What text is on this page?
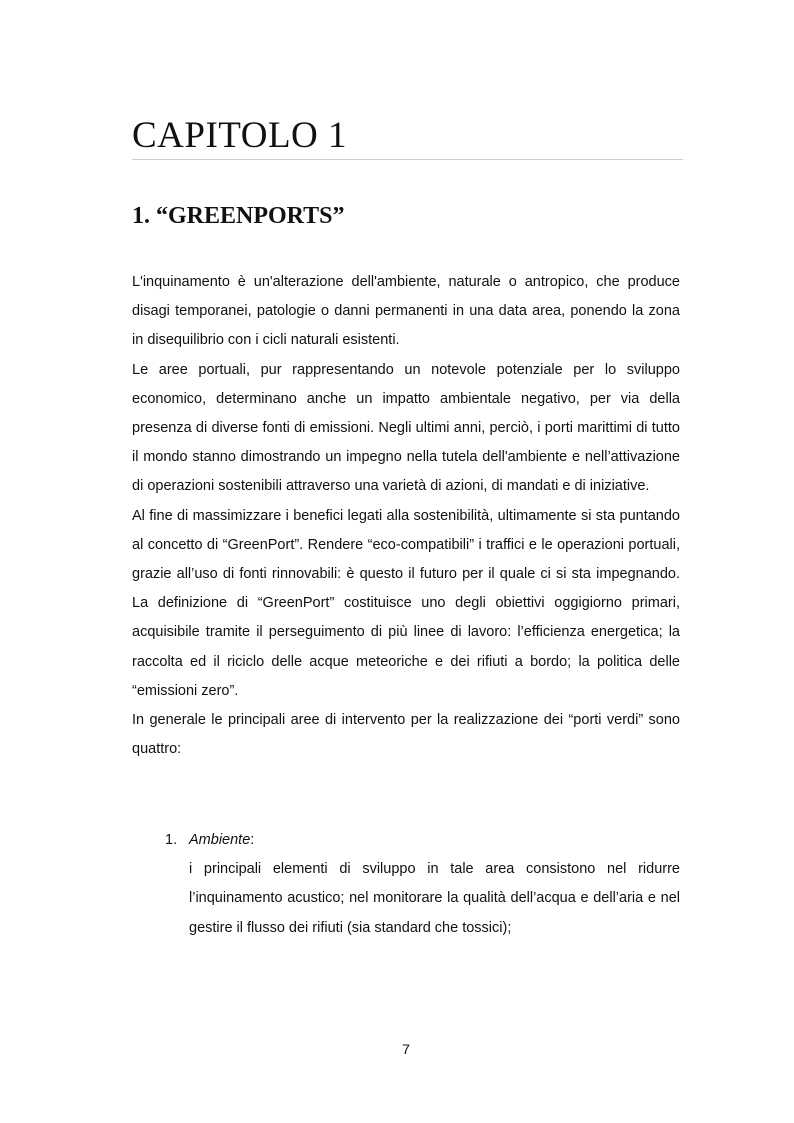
CAPITOLO 1
1. “GREENPORTS”

L'inquinamento è un'alterazione dell'ambiente, naturale o antropico, che produce disagi temporanei, patologie o danni permanenti in una data area, ponendo la zona in disequilibrio con i cicli naturali esistenti.

Le aree portuali, pur rappresentando un notevole potenziale per lo sviluppo economico, determinano anche un impatto ambientale negativo, per via della presenza di diverse fonti di emissioni. Negli ultimi anni, perciò, i porti marittimi di tutto il mondo stanno dimostrando un impegno nella tutela dell'ambiente e nell’attivazione di operazioni sostenibili attraverso una varietà di azioni, di mandati e di iniziative.

Al fine di massimizzare i benefici legati alla sostenibilità, ultimamente si sta puntando al concetto di “GreenPort”. Rendere “eco-compatibili” i traffici e le operazioni portuali, grazie all’uso di fonti rinnovabili: è questo il futuro per il quale ci si sta impegnando. La definizione di “GreenPort” costituisce uno degli obiettivi oggigiorno primari, acquisibile tramite il perseguimento di più linee di lavoro: l’efficienza energetica; la raccolta ed il riciclo delle acque meteoriche e dei rifiuti a bordo; la politica delle “emissioni zero”.

In generale le principali aree di intervento per la realizzazione dei “porti verdi” sono quattro:

1. Ambiente:

i principali elementi di sviluppo in tale area consistono nel ridurre l’inquinamento acustico; nel monitorare la qualità dell’acqua e dell’aria e nel gestire il flusso dei rifiuti (sia standard che tossici);

7
